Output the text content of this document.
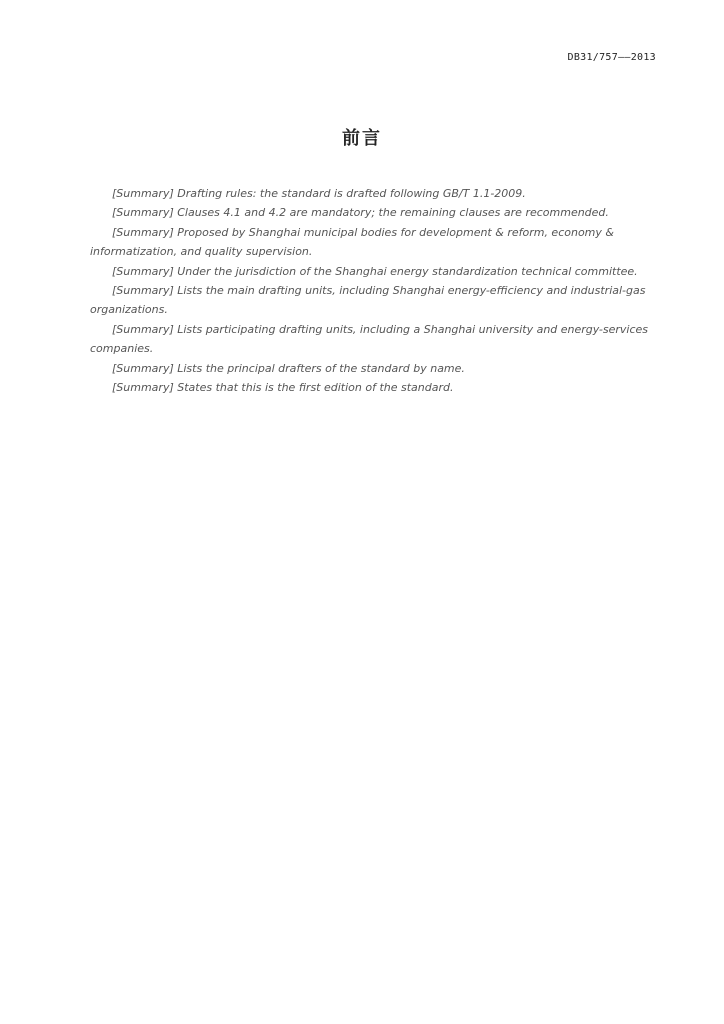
DB31/757——2013
前言

[Summary] Drafting rules: the standard is drafted following GB/T 1.1-2009.

[Summary] Clauses 4.1 and 4.2 are mandatory; the remaining clauses are recommended.

[Summary] Proposed by Shanghai municipal bodies for development & reform, economy & informatization, and quality supervision.

[Summary] Under the jurisdiction of the Shanghai energy standardization technical committee.

[Summary] Lists the main drafting units, including Shanghai energy-efficiency and industrial-gas organizations.

[Summary] Lists participating drafting units, including a Shanghai university and energy-services companies.

[Summary] Lists the principal drafters of the standard by name.

[Summary] States that this is the first edition of the standard.
